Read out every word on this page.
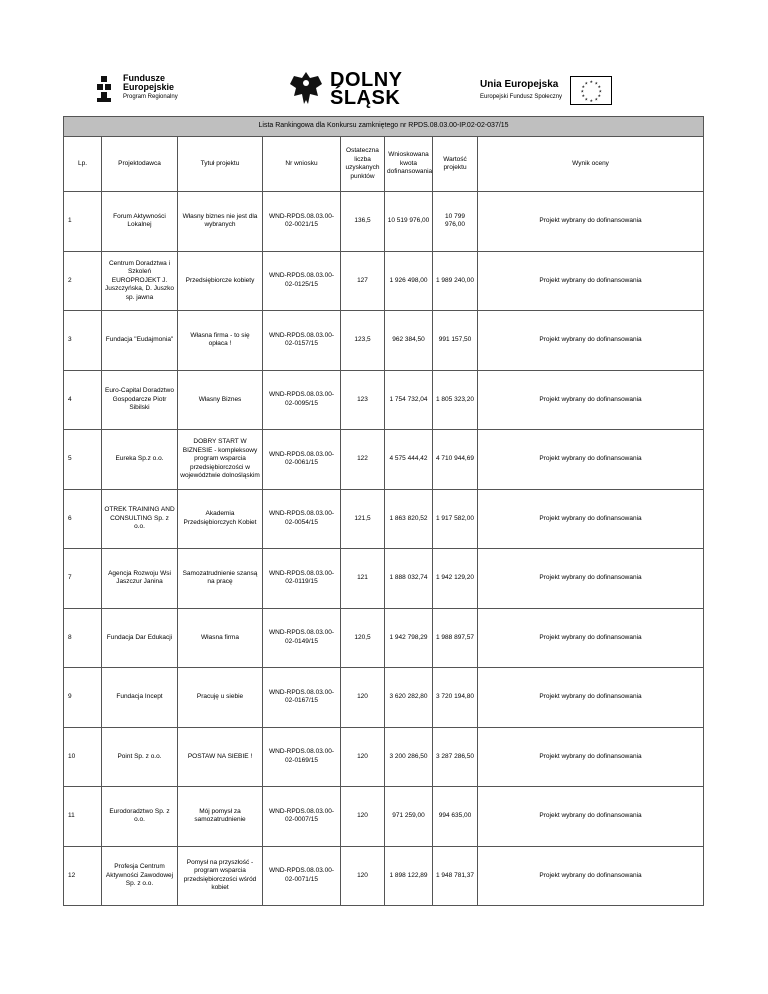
Fundusze
Europejskie
Program Regionalny
DOLNY
ŚLĄSK
Unia Europejska
Europejski Fundusz Społeczny
★ ★
★
★
★
★
★
★
★
★
★
★
Lista Rankingowa dla Konkursu zamkniętego nr RPDS.08.03.00-IP.02-02-037/15							
Lp.	Projektodawca	Tytuł projektu	Nr wniosku	Ostateczna liczba uzyskanych punktów	Wnioskowana kwota dofinansowania	Wartość projektu	Wynik oceny
1	Forum Aktywności Lokalnej	Własny biznes nie jest dla wybranych	WND-RPDS.08.03.00-02-0021/15	136,5	10 519 976,00	10 799 976,00	Projekt wybrany do dofinansowania
2	Centrum Doradztwa i Szkoleń EUROPROJEKT J. Juszczyńska, D. Juszko sp. jawna	Przedsiębiorcze kobiety	WND-RPDS.08.03.00-02-0125/15	127	1 926 498,00	1 989 240,00	Projekt wybrany do dofinansowania
3	Fundacja "Eudajmonia"	Własna firma - to się opłaca !	WND-RPDS.08.03.00-02-0157/15	123,5	962 384,50	991 157,50	Projekt wybrany do dofinansowania
4	Euro-Capital Doradztwo Gospodarcze Piotr Sibilski	Własny Biznes	WND-RPDS.08.03.00-02-0095/15	123	1 754 732,04	1 805 323,20	Projekt wybrany do dofinansowania
5	Eureka Sp.z o.o.	DOBRY START W BIZNESIE - kompleksowy program wsparcia przedsiębiorczości w województwie dolnośląskim	WND-RPDS.08.03.00-02-0061/15	122	4 575 444,42	4 710 944,69	Projekt wybrany do dofinansowania
6	OTREK TRAINING AND CONSULTING Sp. z o.o.	Akademia Przedsiębiorczych Kobiet	WND-RPDS.08.03.00-02-0054/15	121,5	1 863 820,52	1 917 582,00	Projekt wybrany do dofinansowania
7	Agencja Rozwoju Wsi Jaszczur Janina	Samozatrudnienie szansą na pracę	WND-RPDS.08.03.00-02-0119/15	121	1 888 032,74	1 942 129,20	Projekt wybrany do dofinansowania
8	Fundacja Dar Edukacji	Własna firma	WND-RPDS.08.03.00-02-0149/15	120,5	1 942 798,29	1 988 897,57	Projekt wybrany do dofinansowania
9	Fundacja Incept	Pracuję u siebie	WND-RPDS.08.03.00-02-0167/15	120	3 620 282,80	3 720 194,80	Projekt wybrany do dofinansowania
10	Point Sp. z o.o.	POSTAW NA SIEBIE !	WND-RPDS.08.03.00-02-0169/15	120	3 200 286,50	3 287 286,50	Projekt wybrany do dofinansowania
11	Eurodoradztwo Sp. z o.o.	Mój pomysł za samozatrudnienie	WND-RPDS.08.03.00-02-0007/15	120	971 259,00	994 635,00	Projekt wybrany do dofinansowania
12	Profesja Centrum Aktywności Zawodowej Sp. z o.o.	Pomysł na przyszłość - program wsparcia przedsiębiorczości wśród kobiet	WND-RPDS.08.03.00-02-0071/15	120	1 898 122,89	1 948 781,37	Projekt wybrany do dofinansowania
